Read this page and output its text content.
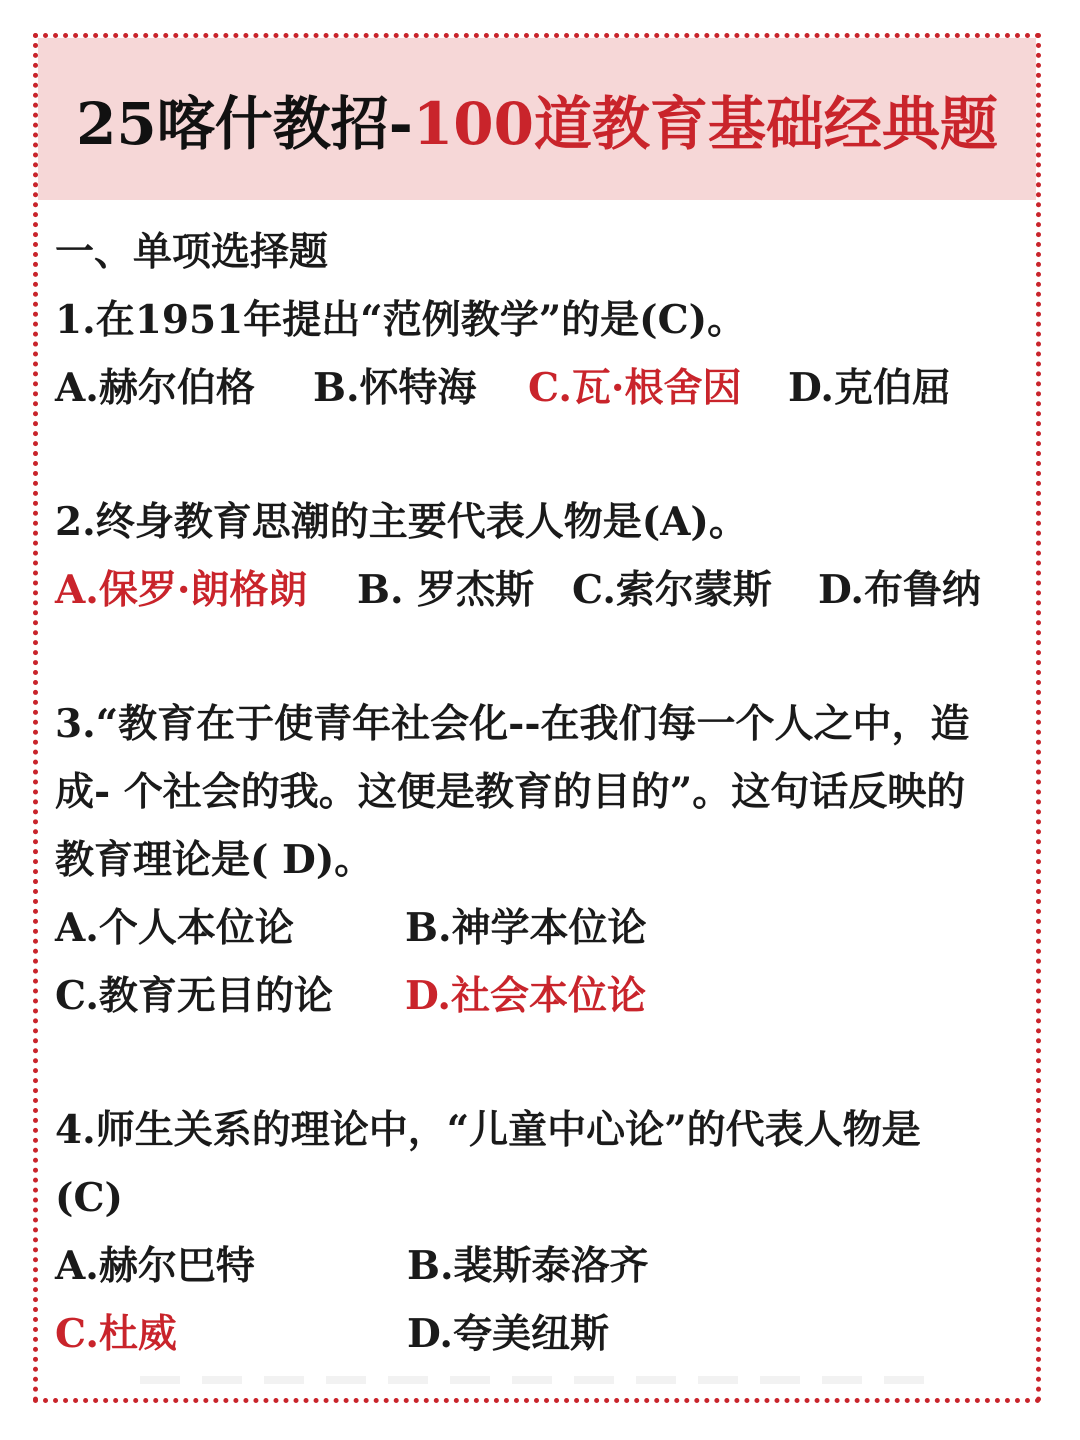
25喀什教招-100道教育基础经典题
一、单项选择题
1.在1951年提出“范例教学”的是(C)。
A.赫尔伯格 B.怀特海 C.瓦·根舍因 D.克伯屈
2.终身教育思潮的主要代表人物是(A)。
A.保罗·朗格朗 B. 罗杰斯 C.索尔蒙斯 D.布鲁纳
3.“教育在于使青年社会化--在我们每一个人之中，造
成- 个社会的我。这便是教育的目的”。这句话反映的
教育理论是( D)。
A.个人本位论	B.神学本位论
C.教育无目的论 D.社会本位论
4.师生关系的理论中，“儿童中心论”的代表人物是
(C)
A.赫尔巴特	B.裴斯泰洛齐
C.杜威	D.夸美纽斯
